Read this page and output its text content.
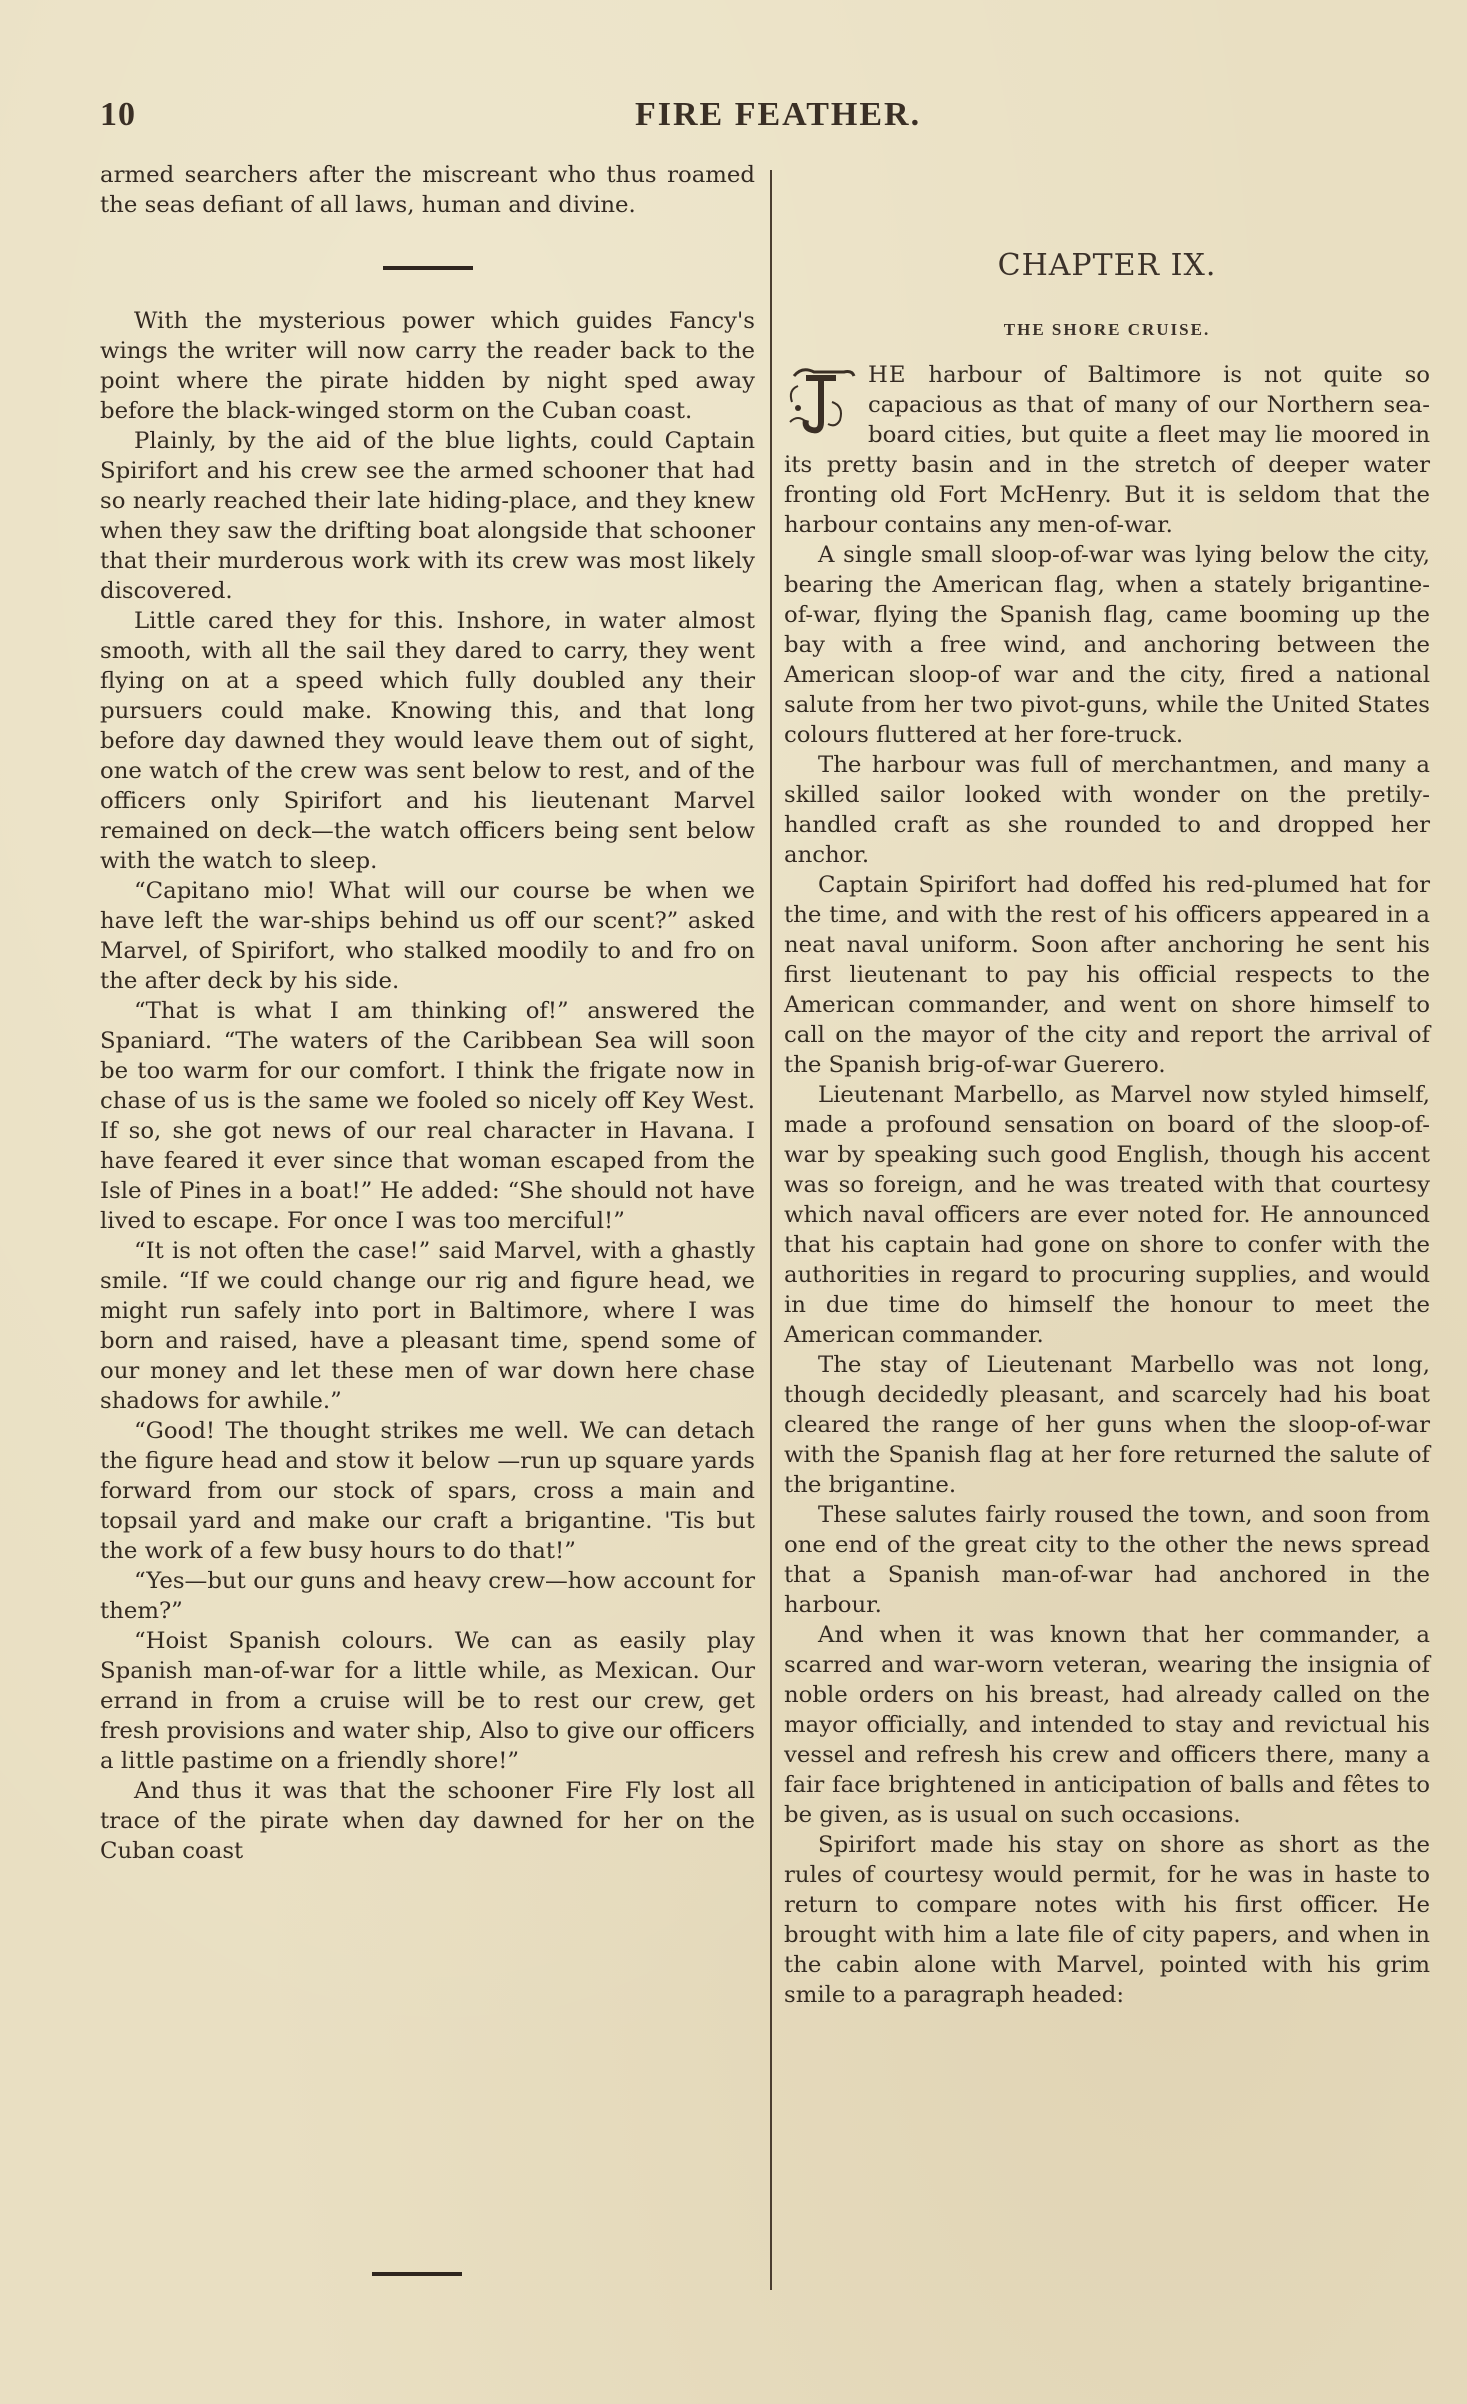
10	FIRE FEATHER.

armed searchers after the miscreant who thus roamed the seas defiant of all laws, human and divine.

With the mysterious power which guides Fancy's wings the writer will now carry the reader back to the point where the pirate hidden by night sped away before the black-winged storm on the Cuban coast.

Plainly, by the aid of the blue lights, could Captain Spirifort and his crew see the armed schooner that had so nearly reached their late hiding-place, and they knew when they saw the drifting boat alongside that schooner that their murderous work with its crew was most likely discovered.

Little cared they for this. Inshore, in water almost smooth, with all the sail they dared to carry, they went flying on at a speed which fully doubled any their pursuers could make. Knowing this, and that long before day dawned they would leave them out of sight, one watch of the crew was sent below to rest, and of the officers only Spirifort and his lieutenant Marvel remained on deck—the watch officers being sent below with the watch to sleep.

“Capitano mio! What will our course be when we have left the war-ships behind us off our scent?” asked Marvel, of Spirifort, who stalked moodily to and fro on the after deck by his side.

“That is what I am thinking of!” answered the Spaniard. “The waters of the Caribbean Sea will soon be too warm for our comfort. I think the frigate now in chase of us is the same we fooled so nicely off Key West. If so, she got news of our real character in Havana. I have feared it ever since that woman escaped from the Isle of Pines in a boat!” He added: “She should not have lived to escape. For once I was too merciful!”

“It is not often the case!” said Marvel, with a ghastly smile. “If we could change our rig and figure head, we might run safely into port in Baltimore, where I was born and raised, have a pleasant time, spend some of our money and let these men of war down here chase shadows for awhile.”

“Good! The thought strikes me well. We can detach the figure head and stow it below —run up square yards forward from our stock of spars, cross a main and topsail yard and make our craft a brigantine. 'Tis but the work of a few busy hours to do that!”

“Yes—but our guns and heavy crew—how account for them?”

“Hoist Spanish colours. We can as easily play Spanish man-of-war for a little while, as Mexican. Our errand in from a cruise will be to rest our crew, get fresh provisions and water ship, Also to give our officers a little pastime on a friendly shore!”

And thus it was that the schooner Fire Fly lost all trace of the pirate when day dawned for her on the Cuban coast

CHAPTER IX.
THE SHORE CRUISE.

HE harbour of Baltimore is not quite so capacious as that of many of our Northern sea-board cities, but quite a fleet may lie moored in its pretty basin and in the stretch of deeper water fronting old Fort McHenry. But it is seldom that the harbour contains any men-of-war.

A single small sloop-of-war was lying below the city, bearing the American flag, when a stately brigantine-of-war, flying the Spanish flag, came booming up the bay with a free wind, and anchoring between the American sloop-of war and the city, fired a national salute from her two pivot-guns, while the United States colours fluttered at her fore-truck.

The harbour was full of merchantmen, and many a skilled sailor looked with wonder on the pretily-handled craft as she rounded to and dropped her anchor.

Captain Spirifort had doffed his red-plumed hat for the time, and with the rest of his officers appeared in a neat naval uniform. Soon after anchoring he sent his first lieutenant to pay his official respects to the American commander, and went on shore himself to call on the mayor of the city and report the arrival of the Spanish brig-of-war Guerero.

Lieutenant Marbello, as Marvel now styled himself, made a profound sensation on board of the sloop-of-war by speaking such good English, though his accent was so foreign, and he was treated with that courtesy which naval officers are ever noted for. He announced that his captain had gone on shore to confer with the authorities in regard to procuring supplies, and would in due time do himself the honour to meet the American commander.

The stay of Lieutenant Marbello was not long, though decidedly pleasant, and scarcely had his boat cleared the range of her guns when the sloop-of-war with the Spanish flag at her fore returned the salute of the brigantine.

These salutes fairly roused the town, and soon from one end of the great city to the other the news spread that a Spanish man-of-war had anchored in the harbour.

And when it was known that her commander, a scarred and war-worn veteran, wearing the insignia of noble orders on his breast, had already called on the mayor officially, and intended to stay and revictual his vessel and refresh his crew and officers there, many a fair face brightened in anticipation of balls and fêtes to be given, as is usual on such occasions.

Spirifort made his stay on shore as short as the rules of courtesy would permit, for he was in haste to return to compare notes with his first officer. He brought with him a late file of city papers, and when in the cabin alone with Marvel, pointed with his grim smile to a paragraph headed:
